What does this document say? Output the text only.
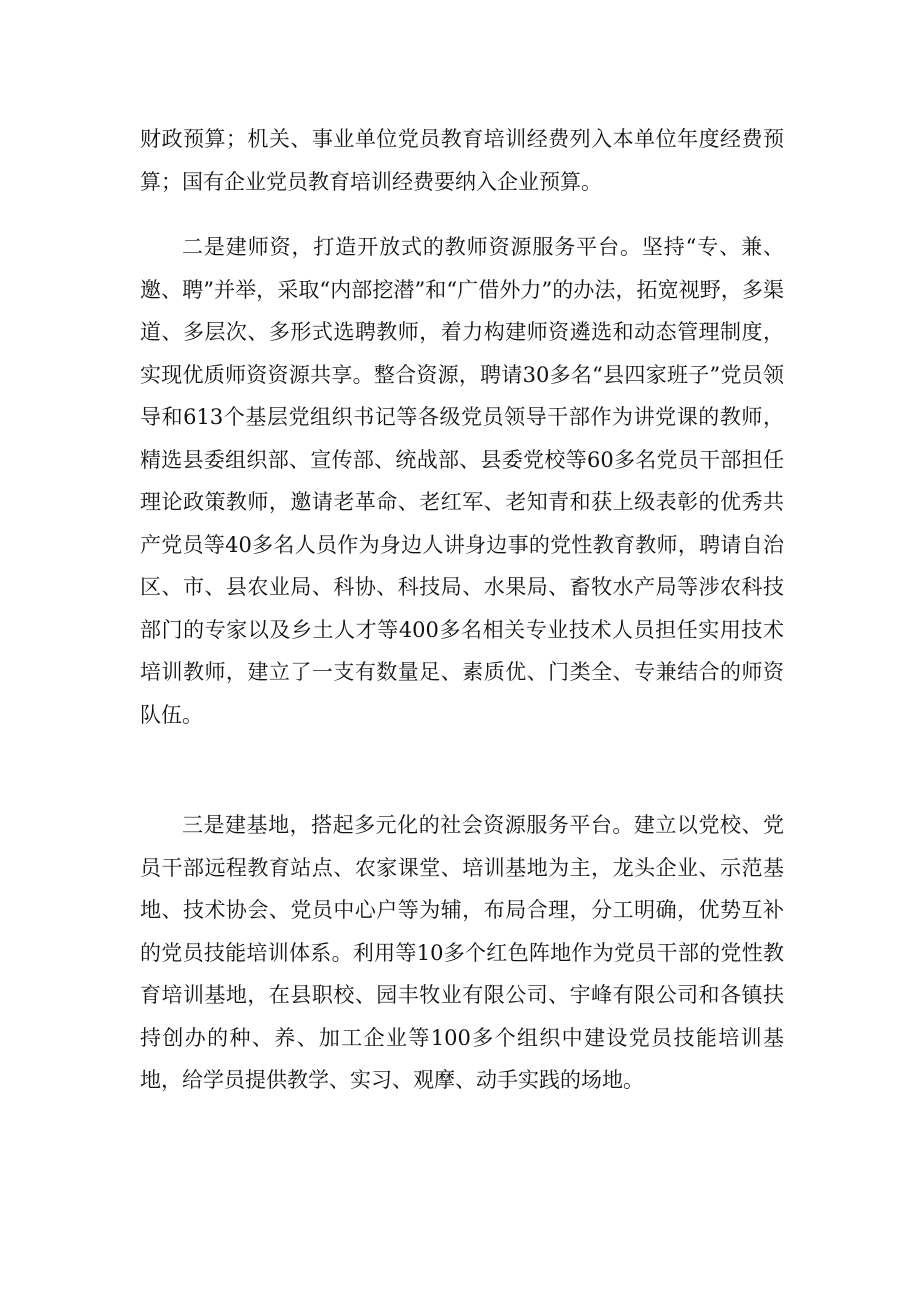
财政预算；机关、事业单位党员教育培训经费列入本单位年度经费预算；国有企业党员教育培训经费要纳入企业预算。

二是建师资，打造开放式的教师资源服务平台。坚持“专、兼、邀、聘”并举，采取“内部挖潜”和“广借外力”的办法，拓宽视野，多渠道、多层次、多形式选聘教师，着力构建师资遴选和动态管理制度，实现优质师资资源共享。整合资源，聘请30多名“县四家班子”党员领导和613个基层党组织书记等各级党员领导干部作为讲党课的教师，精选县委组织部、宣传部、统战部、县委党校等60多名党员干部担任理论政策教师，邀请老革命、老红军、老知青和获上级表彰的优秀共产党员等40多名人员作为身边人讲身边事的党性教育教师，聘请自治区、市、县农业局、科协、科技局、水果局、畜牧水产局等涉农科技部门的专家以及乡土人才等400多名相关专业技术人员担任实用技术培训教师，建立了一支有数量足、素质优、门类全、专兼结合的师资队伍。

三是建基地，搭起多元化的社会资源服务平台。建立以党校、党员干部远程教育站点、农家课堂、培训基地为主，龙头企业、示范基地、技术协会、党员中心户等为辅，布局合理，分工明确，优势互补的党员技能培训体系。利用等10多个红色阵地作为党员干部的党性教育培训基地，在县职校、园丰牧业有限公司、宇峰有限公司和各镇扶持创办的种、养、加工企业等100多个组织中建设党员技能培训基地，给学员提供教学、实习、观摩、动手实践的场地。
